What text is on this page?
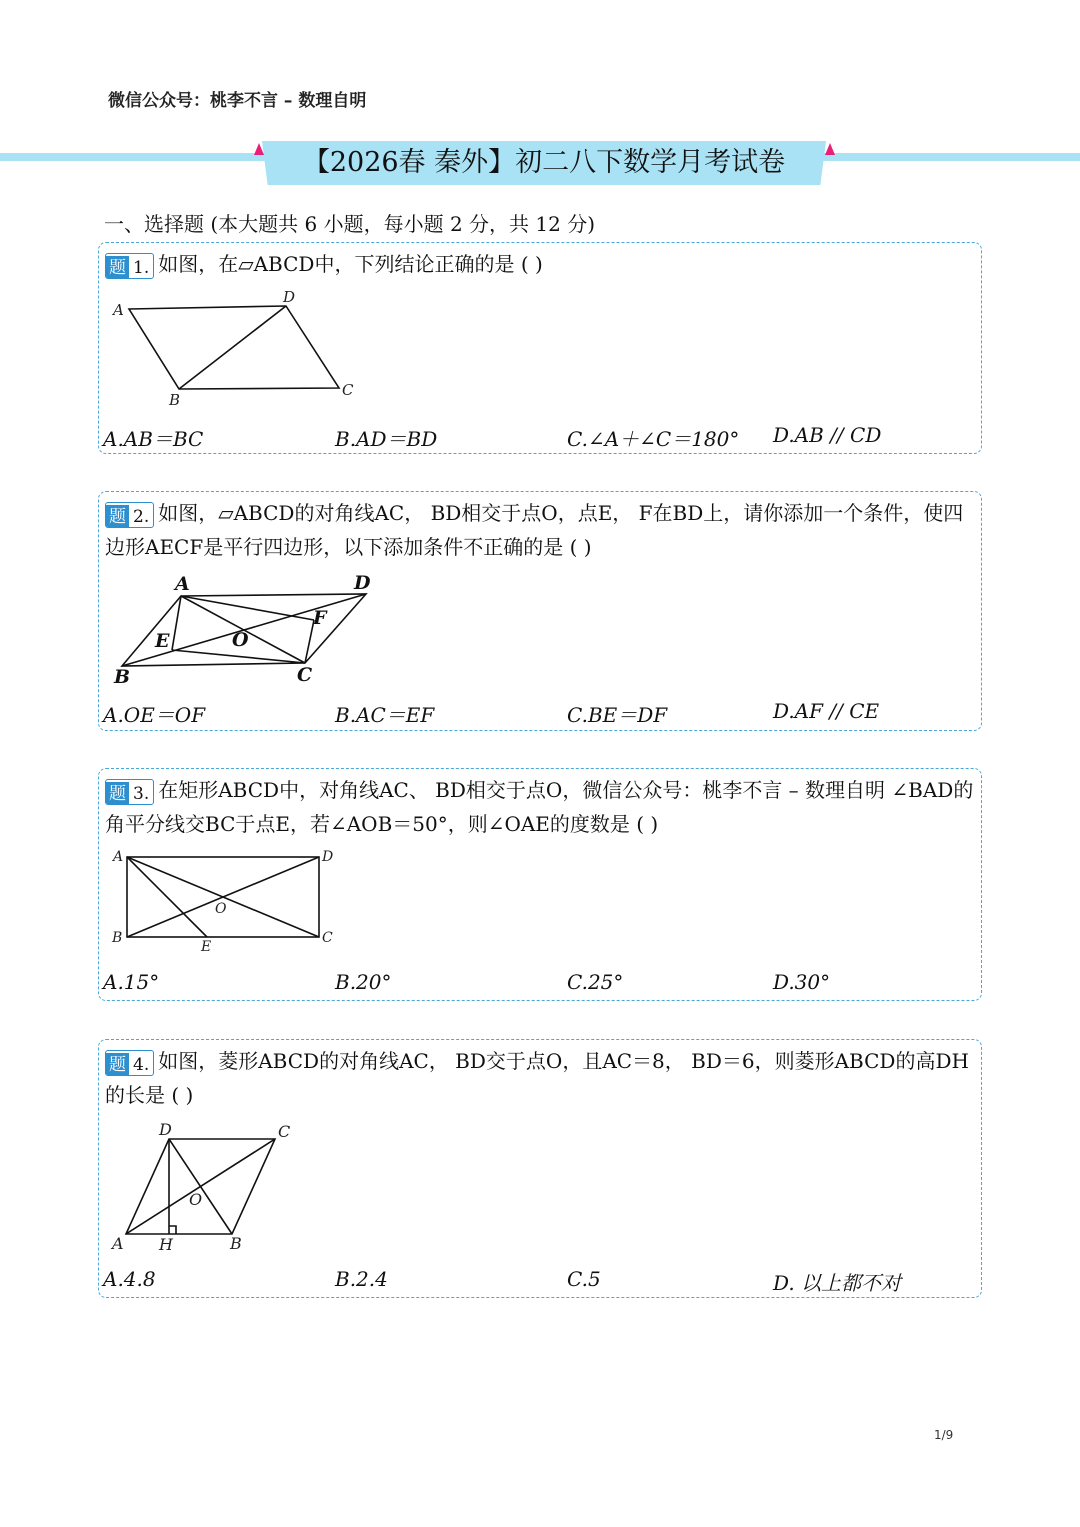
微信公众号：桃李不言 – 数理自明
【2026春 秦外】初二八下数学月考试卷
一、选择题 (本大题共 6 小题，每小题 2 分，共 12 分)
题 1. 如图，在▱ABCD中，下列结论正确的是 ( )
A
D
B
C
A.AB＝BC	B.AD＝BD	C.∠A＋∠C＝180° D.AB // CD
题 2. 如图，▱ABCD的对角线AC， BD相交于点O，点E， F在BD上，请你添加一个条件，使四边形AECF是平行四边形，以下添加条件不正确的是 ( )
A	D
F
E	O
B	C
A.OE＝OF	B.AC＝EF	C.BE＝DF	D.AF // CE
题 3. 在矩形ABCD中，对角线AC、 BD相交于点O，微信公众号：桃李不言 – 数理自明 ∠BAD的角平分线交BC于点E，若∠AOB＝50°，则∠OAE的度数是 ( )
A	D
O
B
E
C
A.15°	B.20°	C.25°	D.30°
题 4. 如图，菱形ABCD的对角线AC， BD交于点O，且AC＝8， BD＝6，则菱形ABCD的高DH的长是 ( )
D	C
O
A H	B
A.4.8	B.2.4	C.5	D. 以上都不对
1/9
